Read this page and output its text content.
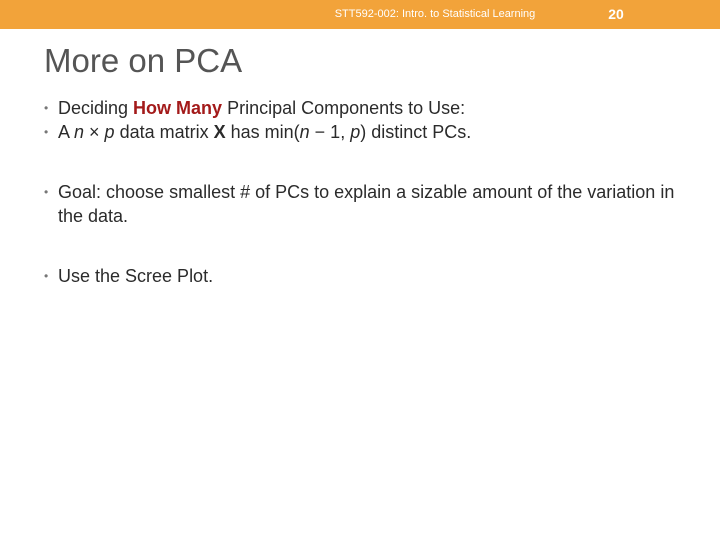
STT592-002: Intro. to Statistical Learning	20
More on PCA
• Deciding How Many Principal Components to Use:
• A n × p data matrix X has min(n − 1, p) distinct PCs.
• Goal: choose smallest # of PCs to explain a sizable amount of the variation in the data.
• Use the Scree Plot.
